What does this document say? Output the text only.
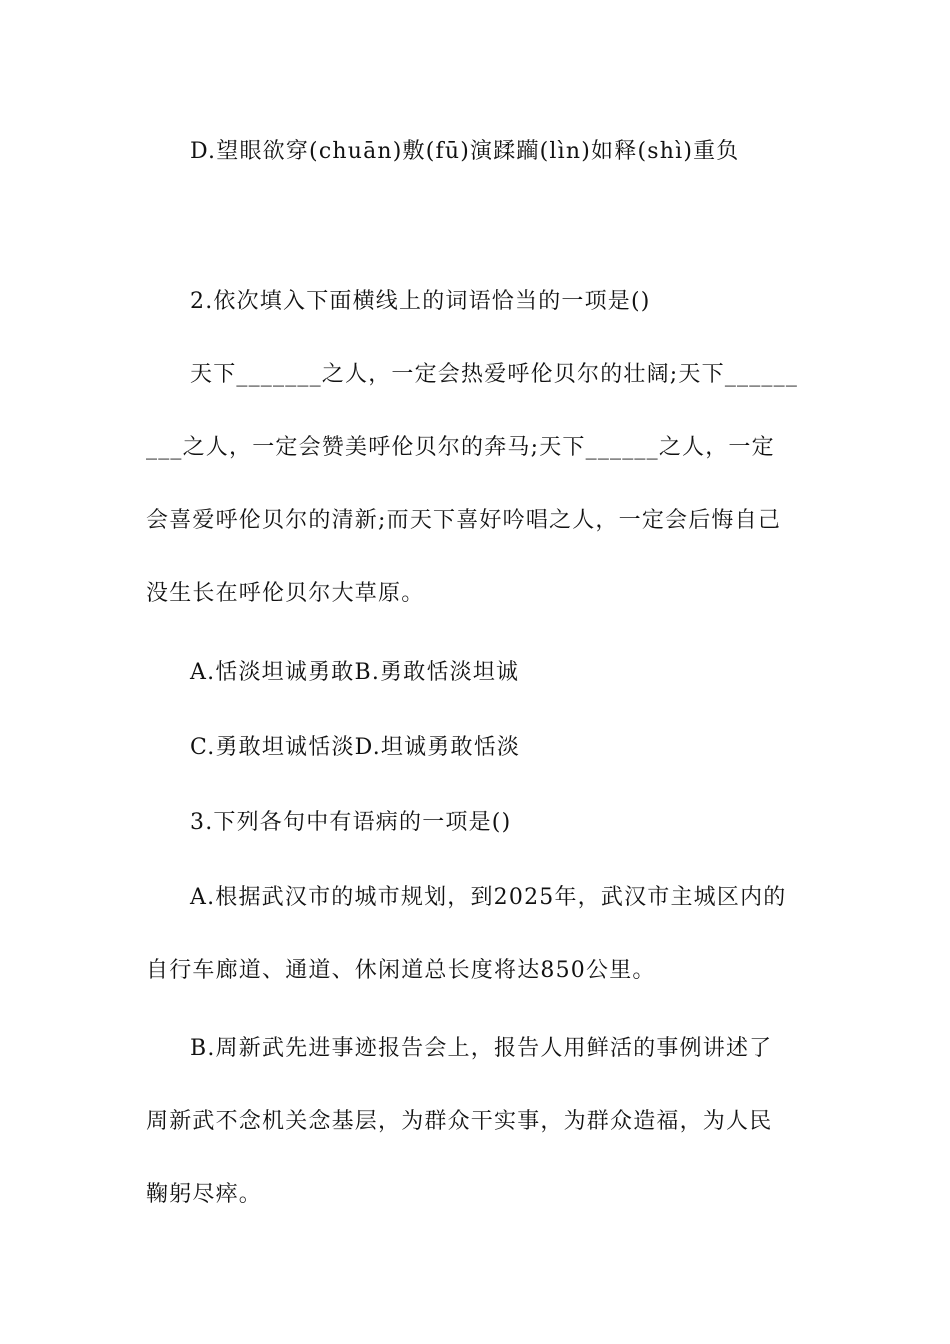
D.望眼欲穿(chuān)敷(fū)演蹂躏(lìn)如释(shì)重负
2.依次填入下面横线上的词语恰当的一项是()
天下_______之人，一定会热爱呼伦贝尔的壮阔;天下______
___之人，一定会赞美呼伦贝尔的奔马;天下______之人，一定
会喜爱呼伦贝尔的清新;而天下喜好吟唱之人，一定会后悔自己
没生长在呼伦贝尔大草原。
A.恬淡坦诚勇敢B.勇敢恬淡坦诚
C.勇敢坦诚恬淡D.坦诚勇敢恬淡
3.下列各句中有语病的一项是()
A.根据武汉市的城市规划，到2025年，武汉市主城区内的
自行车廊道、通道、休闲道总长度将达850公里。
B.周新武先进事迹报告会上，报告人用鲜活的事例讲述了
周新武不念机关念基层，为群众干实事，为群众造福，为人民
鞠躬尽瘁。
